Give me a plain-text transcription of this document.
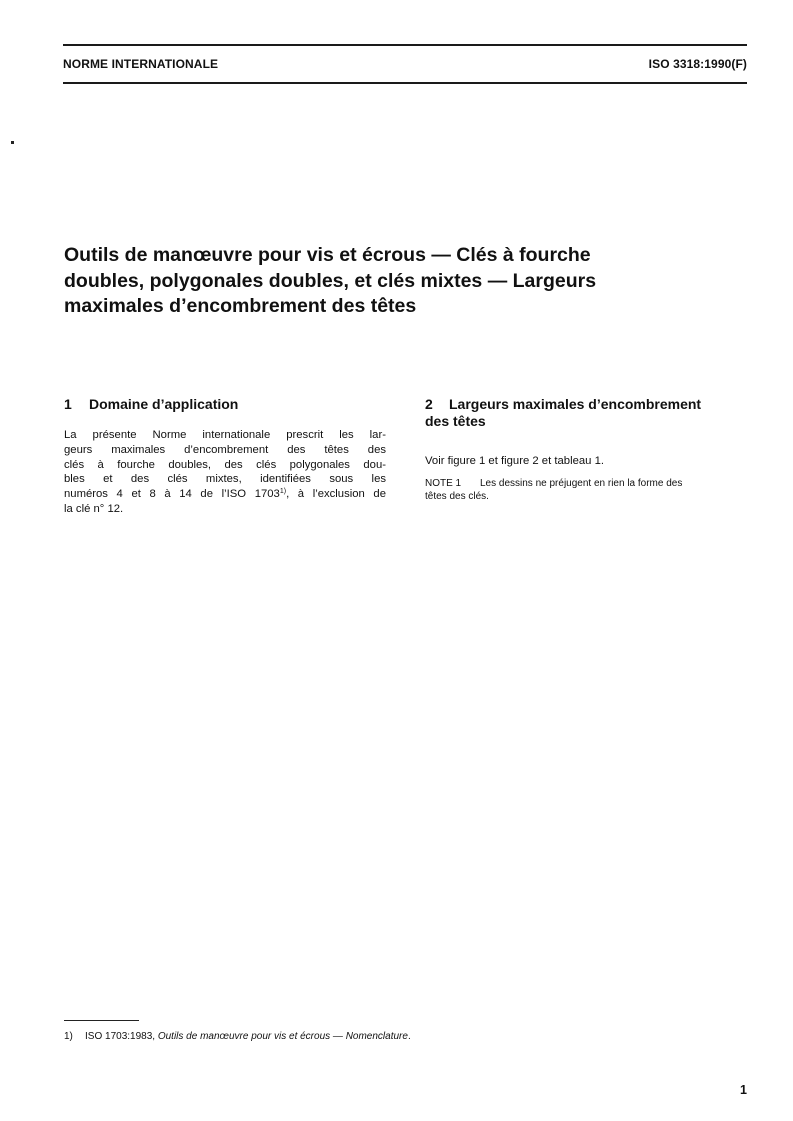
NORME INTERNATIONALE	ISO 3318:1990(F)
Outils de manœuvre pour vis et écrous — Clés à fourche
doubles, polygonales doubles, et clés mixtes — Largeurs
maximales d’encombrement des têtes
1 Domaine d’application

La présente Norme internationale prescrit les lar-
geurs maximales d’encombrement des têtes des
clés à fourche doubles, des clés polygonales dou-
bles et des clés mixtes, identifiées sous les
numéros 4 et 8 à 14 de l’ISO 1703$^{1)}$, à l’exclusion de
la clé n° 12.

2 Largeurs maximales d’encombrement
des têtes

Voir figure 1 et figure 2 et tableau 1.

NOTE 1 Les dessins ne préjugent en rien la forme des
têtes des clés.

1) ISO 1703:1983, Outils de manœuvre pour vis et écrous — Nomenclature.
1
